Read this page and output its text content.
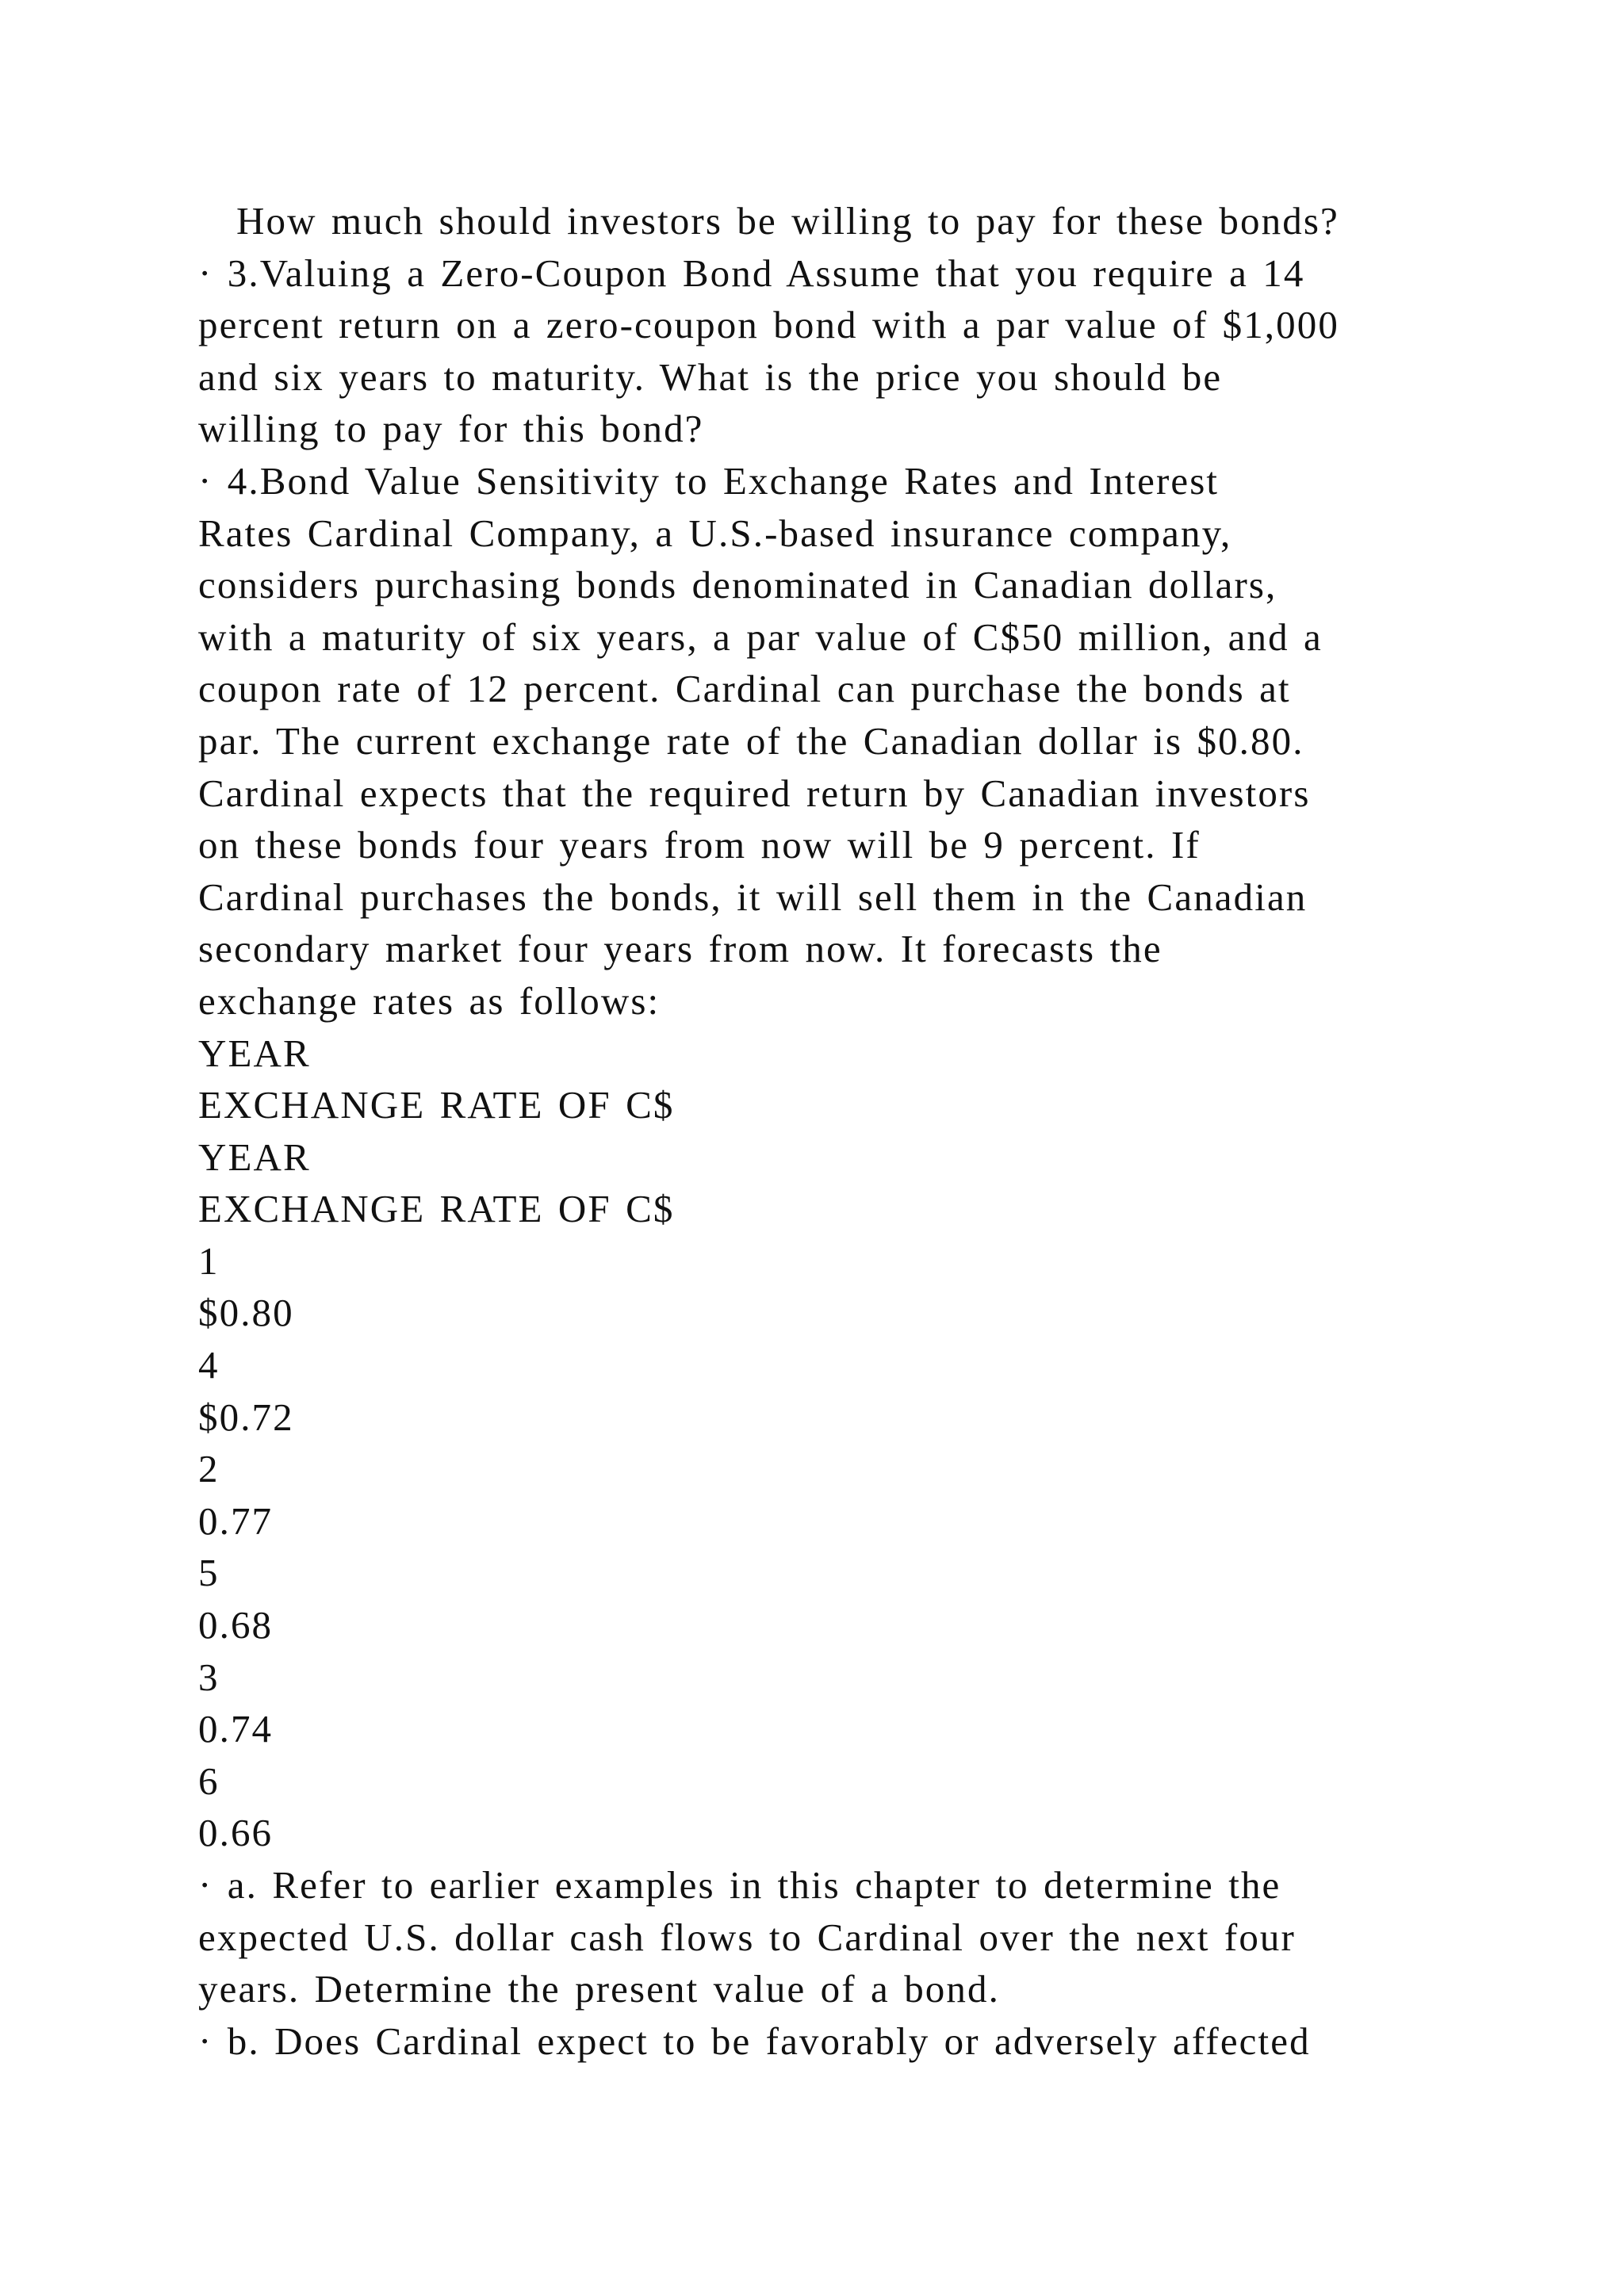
How much should investors be willing to pay for these bonds?
· 3.Valuing a Zero-Coupon Bond Assume that you require a 14
percent return on a zero-coupon bond with a par value of $1,000
and six years to maturity. What is the price you should be
willing to pay for this bond?
· 4.Bond Value Sensitivity to Exchange Rates and Interest
Rates Cardinal Company, a U.S.-based insurance company,
considers purchasing bonds denominated in Canadian dollars,
with a maturity of six years, a par value of C$50 million, and a
coupon rate of 12 percent. Cardinal can purchase the bonds at
par. The current exchange rate of the Canadian dollar is $0.80.
Cardinal expects that the required return by Canadian investors
on these bonds four years from now will be 9 percent. If
Cardinal purchases the bonds, it will sell them in the Canadian
secondary market four years from now. It forecasts the
exchange rates as follows:
YEAR
EXCHANGE RATE OF C$
YEAR
EXCHANGE RATE OF C$
1
$0.80
4
$0.72
2
0.77
5
0.68
3
0.74
6
0.66
· a. Refer to earlier examples in this chapter to determine the
expected U.S. dollar cash flows to Cardinal over the next four
years. Determine the present value of a bond.
· b. Does Cardinal expect to be favorably or adversely affected
